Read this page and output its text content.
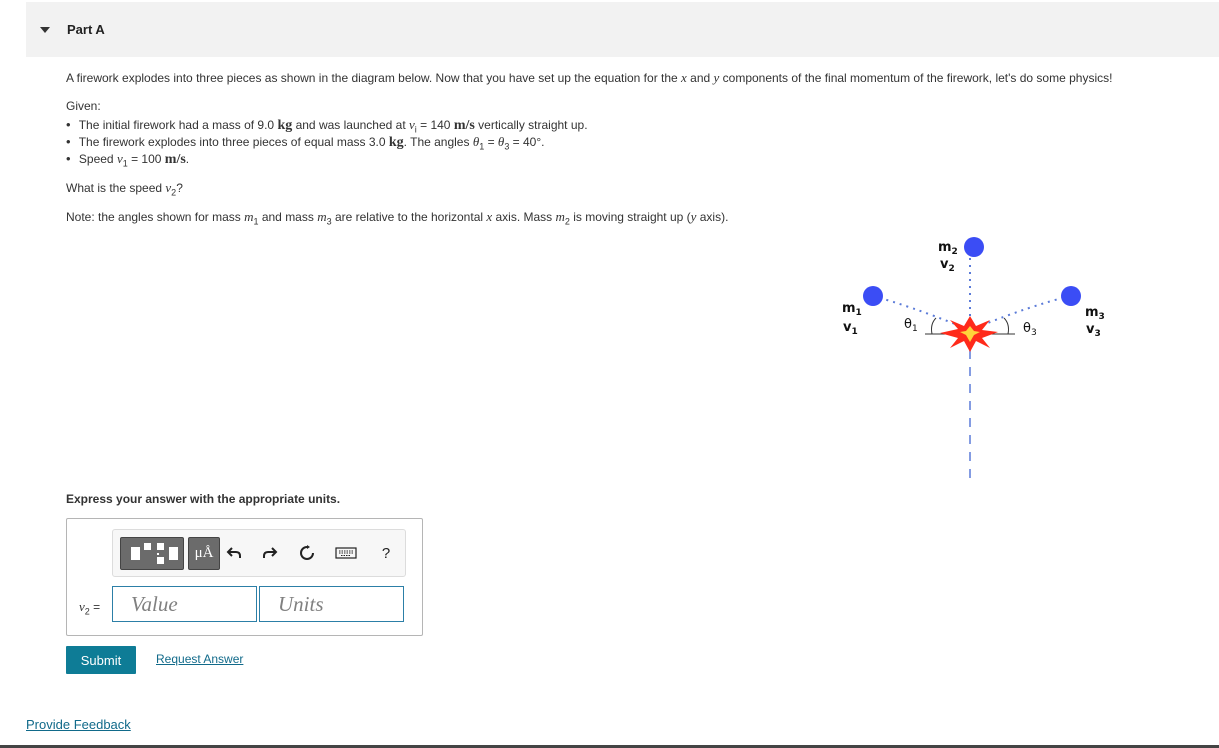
Part A
A firework explodes into three pieces as shown in the diagram below. Now that you have set up the equation for the x and y components of the final momentum of the firework, let's do some physics!
Given:
• The initial firework had a mass of 9.0 kg and was launched at $v_i = 140$ m/s vertically straight up.
• The firework explodes into three pieces of equal mass 3.0 kg. The angles $\theta_1 = \theta_3 = 40^\circ$.
• Speed $v_1 = 100$ m/s.
What is the speed $v_2$?
Note: the angles shown for mass $m_1$ and mass $m_3$ are relative to the horizontal x axis. Mass $m_2$ is moving straight up (y axis).
Express your answer with the appropriate units.
$m_1$
$v_1$
$m_2$
$v_2$
$m_3$
$v_3$
$\theta_1$	$\theta_3$
μÅ	?
$v_2$ =
Value
Units
Submit	Request Answer
Provide Feedback
